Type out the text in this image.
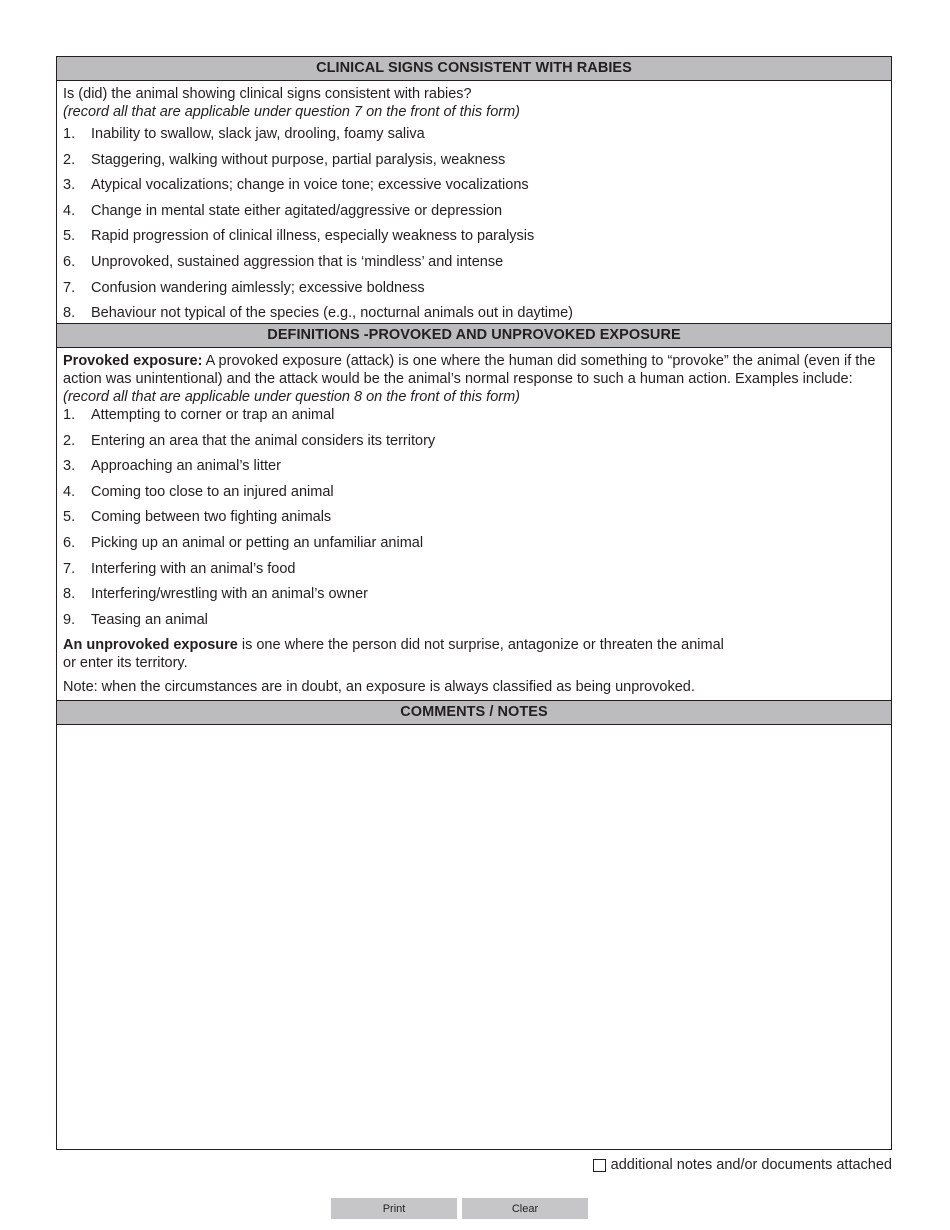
CLINICAL SIGNS CONSISTENT WITH RABIES

Is (did) the animal showing clinical signs consistent with rabies?
(record all that are applicable under question 7 on the front of this form)

1.	Inability to swallow, slack jaw, drooling, foamy saliva
2.	Staggering, walking without purpose, partial paralysis, weakness
3.	Atypical vocalizations; change in voice tone; excessive vocalizations
4.	Change in mental state either agitated/aggressive or depression
5.	Rapid progression of clinical illness, especially weakness to paralysis
6.	Unprovoked, sustained aggression that is ‘mindless’ and intense
7.	Confusion wandering aimlessly; excessive boldness
8.	Behaviour not typical of the species (e.g., nocturnal animals out in daytime)
DEFINITIONS -PROVOKED AND UNPROVOKED EXPOSURE

Provoked exposure: A provoked exposure (attack) is one where the human did something to “provoke” the animal (even if the action was unintentional) and the attack would be the animal’s normal response to such a human action. Examples include: (record all that are applicable under question 8 on the front of this form)

1.	Attempting to corner or trap an animal
2.	Entering an area that the animal considers its territory
3.	Approaching an animal’s litter
4.	Coming too close to an injured animal
5.	Coming between two fighting animals
6.	Picking up an animal or petting an unfamiliar animal
7.	Interfering with an animal’s food
8.	Interfering/wrestling with an animal’s owner
9.	Teasing an animal

An unprovoked exposure is one where the person did not surprise, antagonize or threaten the animal
or enter its territory.

Note: when the circumstances are in doubt, an exposure is always classified as being unprovoked.

COMMENTS / NOTES
additional notes and/or documents attached
Print	Clear
